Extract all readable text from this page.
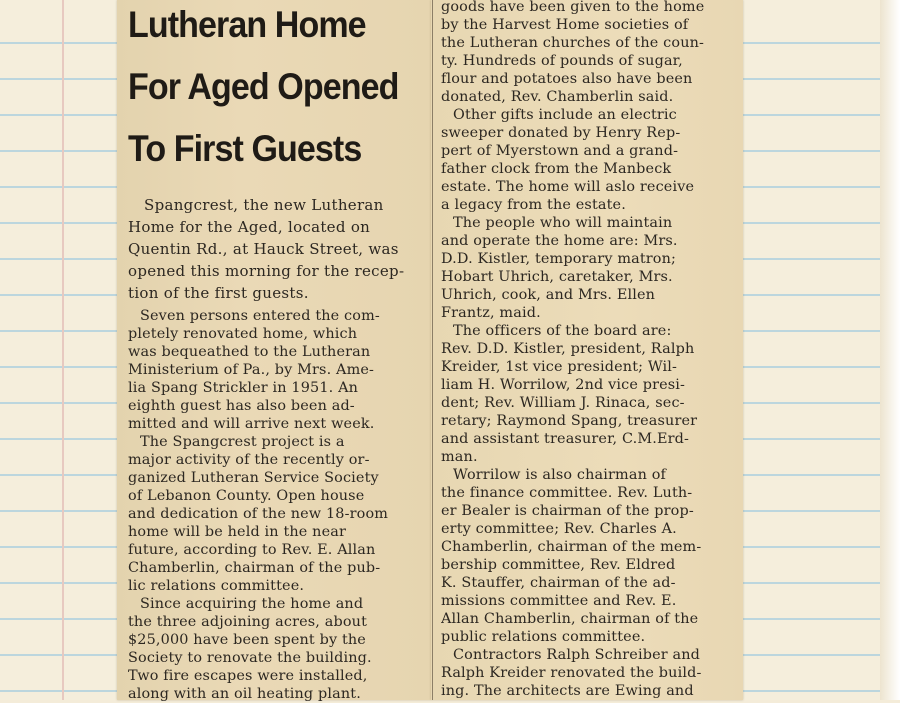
Lutheran Home
For Aged Opened
To First Guests
Spangcrest, the new Lutheran
Home for the Aged, located on
Quentin Rd., at Hauck Street, was
opened this morning for the recep-
tion of the first guests.
Seven persons entered the com-
pletely renovated home, which
was bequeathed to the Lutheran
Ministerium of Pa., by Mrs. Ame-
lia Spang Strickler in 1951. An
eighth guest has also been ad-
mitted and will arrive next week.
The Spangcrest project is a
major activity of the recently or-
ganized Lutheran Service Society
of Lebanon County. Open house
and dedication of the new 18-room
home will be held in the near
future, according to Rev. E. Allan
Chamberlin, chairman of the pub-
lic relations committee.
Since acquiring the home and
the three adjoining acres, about
$25,000 have been spent by the
Society to renovate the building.
Two fire escapes were installed,
along with an oil heating plant.
goods have been given to the home
by the Harvest Home societies of
the Lutheran churches of the coun-
ty. Hundreds of pounds of sugar,
flour and potatoes also have been
donated, Rev. Chamberlin said.
Other gifts include an electric
sweeper donated by Henry Rep-
pert of Myerstown and a grand-
father clock from the Manbeck
estate. The home will aslo receive
a legacy from the estate.
The people who will maintain
and operate the home are: Mrs.
D.D. Kistler, temporary matron;
Hobart Uhrich, caretaker, Mrs.
Uhrich, cook, and Mrs. Ellen
Frantz, maid.
The officers of the board are:
Rev. D.D. Kistler, president, Ralph
Kreider, 1st vice president; Wil-
liam H. Worrilow, 2nd vice presi-
dent; Rev. William J. Rinaca, sec-
retary; Raymond Spang, treasurer
and assistant treasurer, C.M.Erd-
man.
Worrilow is also chairman of
the finance committee. Rev. Luth-
er Bealer is chairman of the prop-
erty committee; Rev. Charles A.
Chamberlin, chairman of the mem-
bership committee, Rev. Eldred
K. Stauffer, chairman of the ad-
missions committee and Rev. E.
Allan Chamberlin, chairman of the
public relations committee.
Contractors Ralph Schreiber and
Ralph Kreider renovated the build-
ing. The architects are Ewing and
